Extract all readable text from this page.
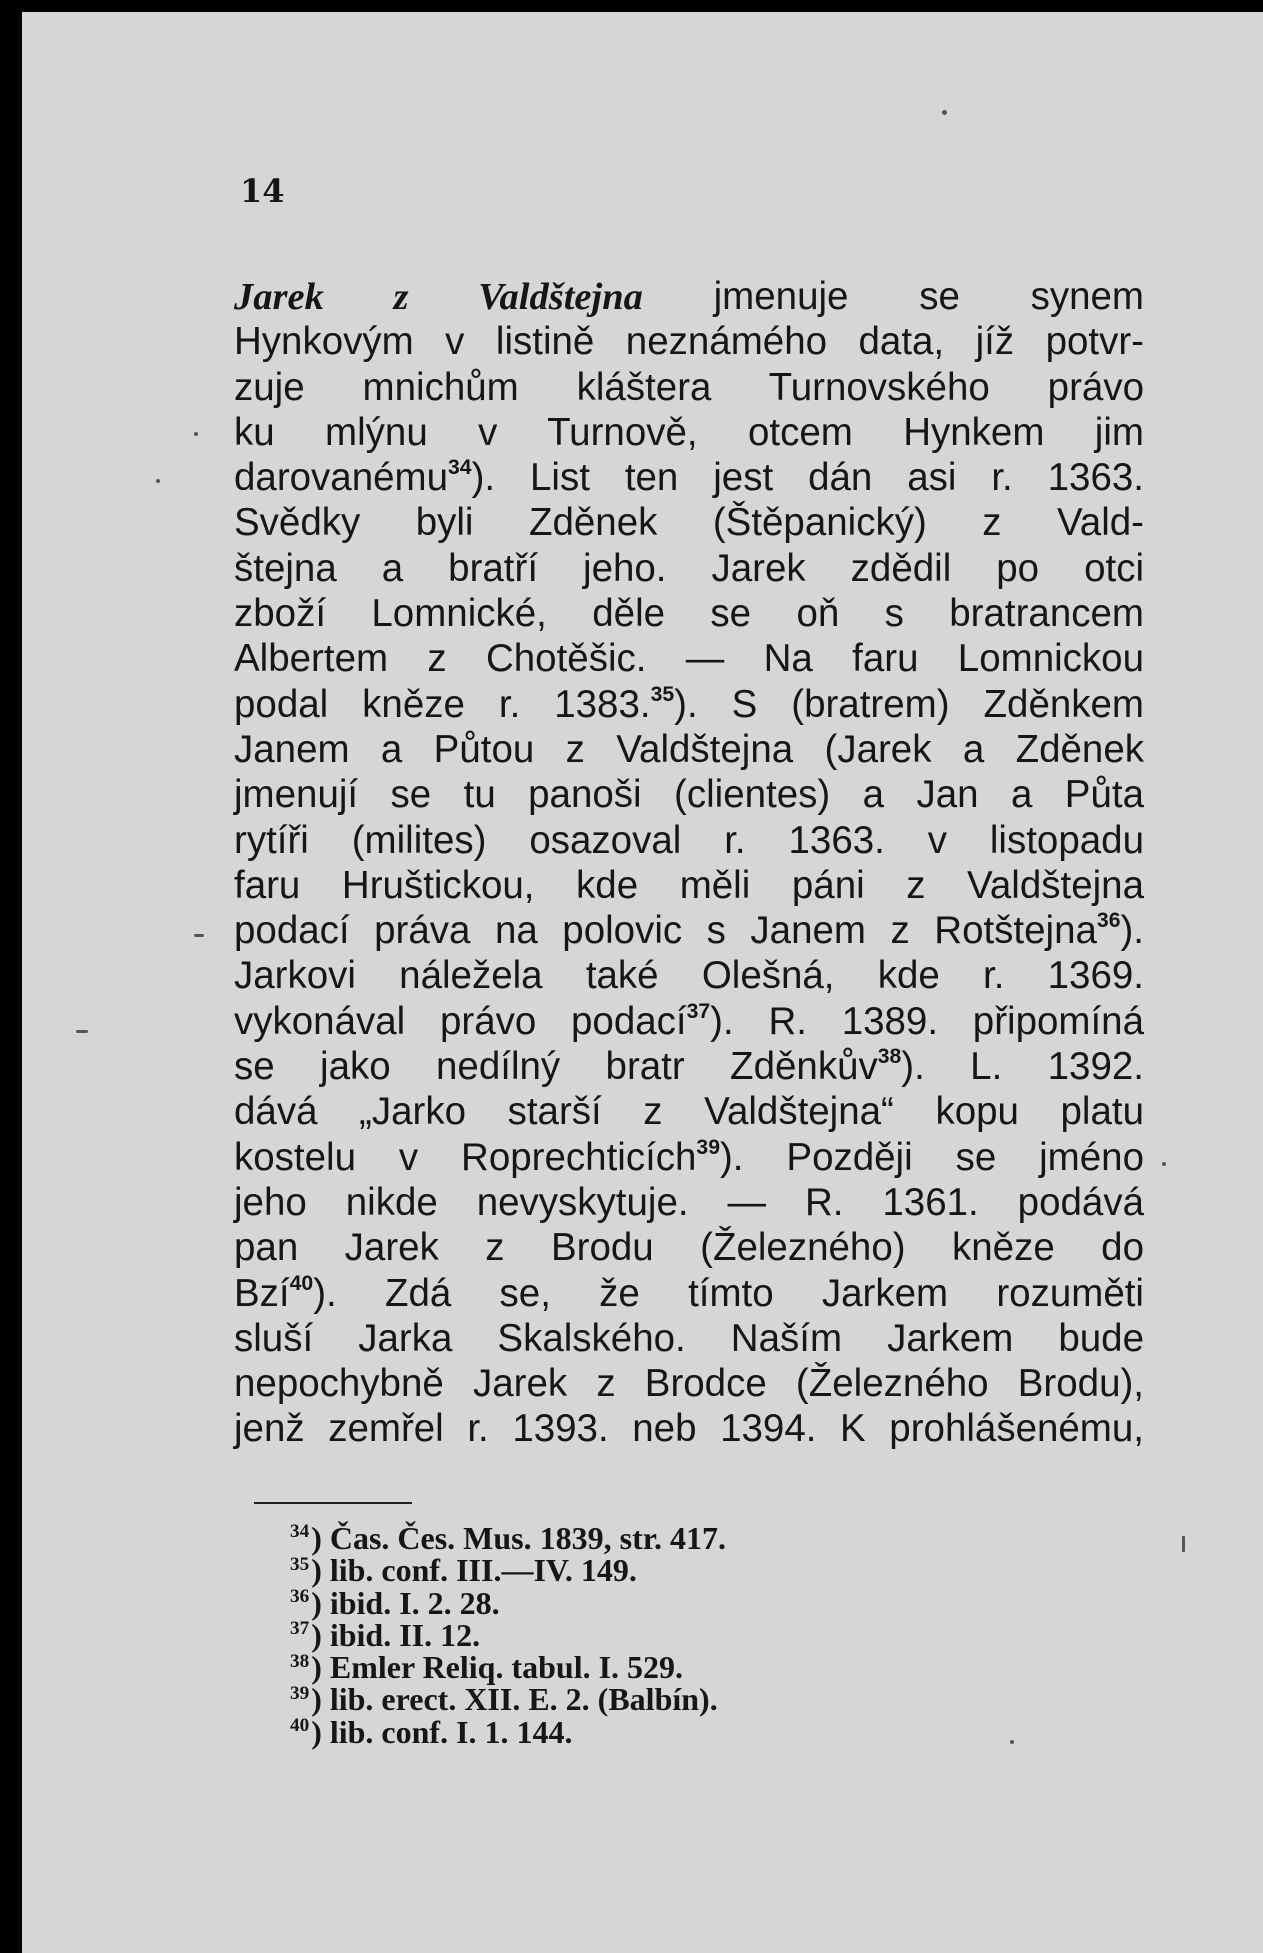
14
Jarek z Valdštejna jmenuje se synem
Hynkovým v listině neznámého data, jíž potvr-
zuje mnichům kláštera Turnovského právo
ku mlýnu v Turnově, otcem Hynkem jim
darovanému$^{34}$). List ten jest dán asi r. 1363.
Svědky byli Zděnek (Štěpanický) z Vald-
štejna a bratří jeho. Jarek zdědil po otci
zboží Lomnické, děle se oň s bratrancem
Albertem z Chotěšic. — Na faru Lomnickou
podal kněze r. 1383.35). S (bratrem) Zděnkem
Janem a Půtou z Valdštejna (Jarek a Zděnek
jmenují se tu panoši (clientes) a Jan a Půta
rytíři (milites) osazoval r. 1363. v listopadu
faru Hruštickou, kde měli páni z Valdštejna
podací práva na polovic s Janem z Rotštejna$^{36}$).
Jarkovi náležela také Olešná, kde r. 1369.
vykonával právo podací$^{37}$). R. 1389. připomíná
se jako nedílný bratr Zděnkův$^{38}$). L. 1392.
dává „Jarko starší z Valdštejna“ kopu platu
kostelu v Roprechticích$^{39}$). Později se jméno
jeho nikde nevyskytuje. — R. 1361. podává
pan Jarek z Brodu (Železného) kněze do
Bzí$^{40}$). Zdá se, že tímto Jarkem rozuměti
sluší Jarka Skalského. Naším Jarkem bude
nepochybně Jarek z Brodce (Železného Brodu),
jenž zemřel r. 1393. neb 1394. K prohlášenému,
$^{34}$) Čas. Čes. Mus. 1839, str. 417.
$^{35}$) lib. conf. III.—IV. 149.
$^{36}$) ibid. I. 2. 28.
$^{37}$) ibid. II. 12.
$^{38}$) Emler Reliq. tabul. I. 529.
$^{39}$) lib. erect. XII. E. 2. (Balbín).
$^{40}$) lib. conf. I. 1. 144.
